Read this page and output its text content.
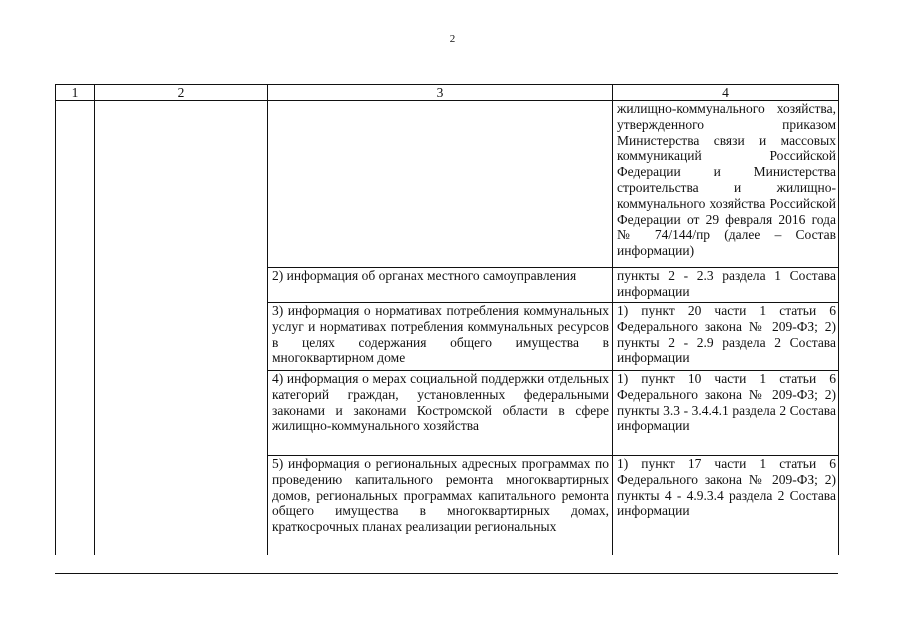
2
1	2	3	4

			жилищно-коммунального хозяйства, утвержденного приказом Министерства связи и массовых коммуникаций Российской Федерации и Министерства строительства и жилищно-коммунального хозяйства Российской Федерации от 29 февраля 2016 года № 74/144/пр (далее – Состав информации)

		2) информация об органах местного самоуправления	пункты 2 - 2.3 раздела 1 Состава информации

		3) информация о нормативах потребления коммунальных услуг и нормативах потребления коммунальных ресурсов в целях содержания общего имущества в многоквартирном доме	1) пункт 20 части 1 статьи 6 Федерального закона № 209-ФЗ; 2) пункты 2 - 2.9 раздела 2 Состава информации

		4) информация о мерах социальной поддержки отдельных категорий граждан, установленных федеральными законами и законами Костромской области в сфере жилищно-коммунального хозяйства	1) пункт 10 части 1 статьи 6 Федерального закона № 209-ФЗ; 2) пункты 3.3 - 3.4.4.1 раздела 2 Состава информации

		5) информация о региональных адресных программах по проведению капитального ремонта многоквартирных домов, региональных программах капитального ремонта общего имущества в многоквартирных домах, краткосрочных планах реализации региональных	1) пункт 17 части 1 статьи 6 Федерального закона № 209-ФЗ; 2) пункты 4 - 4.9.3.4 раздела 2 Состава информации
